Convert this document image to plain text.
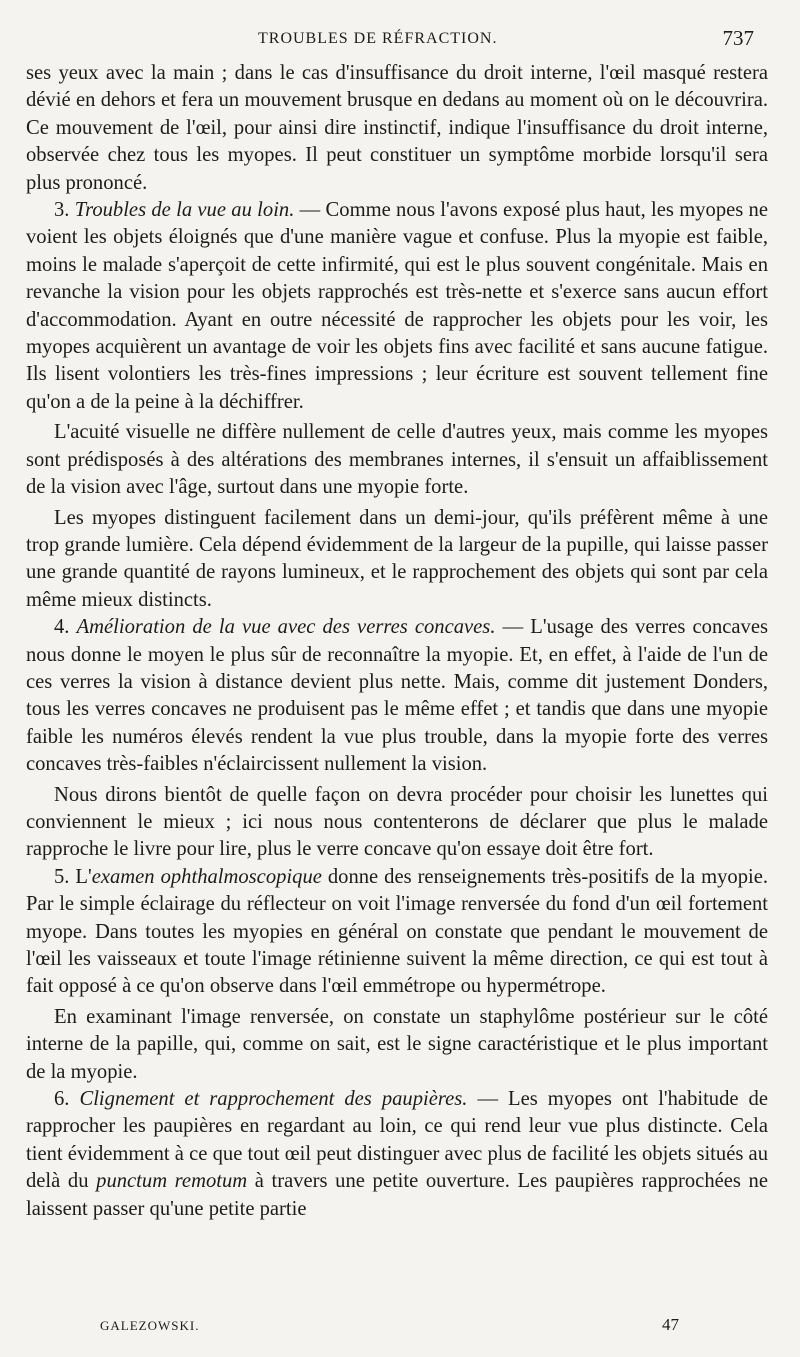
TROUBLES DE RÉFRACTION.	737

ses yeux avec la main ; dans le cas d'insuffisance du droit interne, l'œil masqué restera dévié en dehors et fera un mouvement brusque en dedans au moment où on le découvrira. Ce mouvement de l'œil, pour ainsi dire instinctif, indique l'insuffisance du droit interne, observée chez tous les myopes. Il peut constituer un symptôme morbide lorsqu'il sera plus prononcé.

3. Troubles de la vue au loin. — Comme nous l'avons exposé plus haut, les myopes ne voient les objets éloignés que d'une manière vague et confuse. Plus la myopie est faible, moins le malade s'aperçoit de cette infirmité, qui est le plus souvent congénitale. Mais en revanche la vision pour les objets rapprochés est très-nette et s'exerce sans aucun effort d'accommodation. Ayant en outre nécessité de rapprocher les objets pour les voir, les myopes acquièrent un avantage de voir les objets fins avec facilité et sans aucune fatigue. Ils lisent volontiers les très-fines impressions ; leur écriture est souvent tellement fine qu'on a de la peine à la déchiffrer.

L'acuité visuelle ne diffère nullement de celle d'autres yeux, mais comme les myopes sont prédisposés à des altérations des membranes internes, il s'ensuit un affaiblissement de la vision avec l'âge, surtout dans une myopie forte.

Les myopes distinguent facilement dans un demi-jour, qu'ils préfèrent même à une trop grande lumière. Cela dépend évidemment de la largeur de la pupille, qui laisse passer une grande quantité de rayons lumineux, et le rapprochement des objets qui sont par cela même mieux distincts.

4. Amélioration de la vue avec des verres concaves. — L'usage des verres concaves nous donne le moyen le plus sûr de reconnaître la myopie. Et, en effet, à l'aide de l'un de ces verres la vision à distance devient plus nette. Mais, comme dit justement Donders, tous les verres concaves ne produisent pas le même effet ; et tandis que dans une myopie faible les numéros élevés rendent la vue plus trouble, dans la myopie forte des verres concaves très-faibles n'éclaircissent nullement la vision.

Nous dirons bientôt de quelle façon on devra procéder pour choisir les lunettes qui conviennent le mieux ; ici nous nous contenterons de déclarer que plus le malade rapproche le livre pour lire, plus le verre concave qu'on essaye doit être fort.

5. L'examen ophthalmoscopique donne des renseignements très-positifs de la myopie. Par le simple éclairage du réflecteur on voit l'image renversée du fond d'un œil fortement myope. Dans toutes les myopies en général on constate que pendant le mouvement de l'œil les vaisseaux et toute l'image rétinienne suivent la même direction, ce qui est tout à fait opposé à ce qu'on observe dans l'œil emmétrope ou hypermétrope.

En examinant l'image renversée, on constate un staphylôme postérieur sur le côté interne de la papille, qui, comme on sait, est le signe caractéristique et le plus important de la myopie.

6. Clignement et rapprochement des paupières. — Les myopes ont l'habitude de rapprocher les paupières en regardant au loin, ce qui rend leur vue plus distincte. Cela tient évidemment à ce que tout œil peut distinguer avec plus de facilité les objets situés au delà du punctum remotum à travers une petite ouverture. Les paupières rapprochées ne laissent passer qu'une petite partie

GALEZOWSKI.	47
